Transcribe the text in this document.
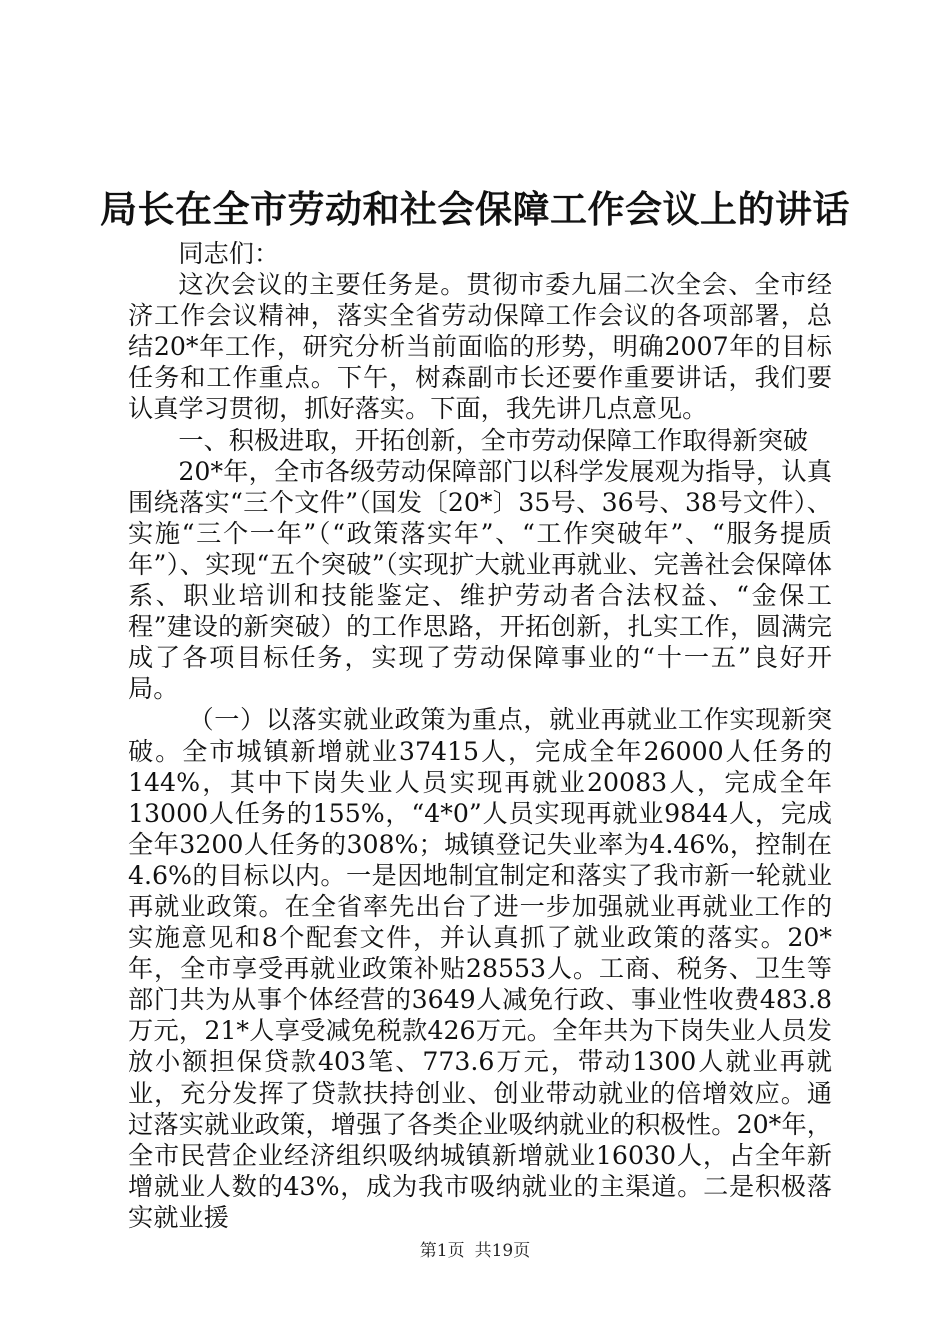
局长在全市劳动和社会保障工作会议上的讲话

同志们：

这次会议的主要任务是。贯彻市委九届二次全会、全市经济工作会议精神，落实全省劳动保障工作会议的各项部署，总结20*年工作，研究分析当前面临的形势，明确2007年的目标任务和工作重点。下午，树森副市长还要作重要讲话，我们要认真学习贯彻，抓好落实。下面，我先讲几点意见。

一、积极进取，开拓创新，全市劳动保障工作取得新突破

20*年，全市各级劳动保障部门以科学发展观为指导，认真围绕落实“三个文件”（国发〔20*〕35号、36号、38号文件）、实施“三个一年”（“政策落实年”、“工作突破年”、“服务提质年”）、实现“五个突破”（实现扩大就业再就业、完善社会保障体系、职业培训和技能鉴定、维护劳动者合法权益、“金保工程”建设的新突破）的工作思路，开拓创新，扎实工作，圆满完成了各项目标任务，实现了劳动保障事业的“十一五”良好开局。

（一）以落实就业政策为重点，就业再就业工作实现新突破。全市城镇新增就业37415人，完成全年26000人任务的144%，其中下岗失业人员实现再就业20083人，完成全年13000人任务的155%，“4*0”人员实现再就业9844人，完成全年3200人任务的308%；城镇登记失业率为4.46%，控制在4.6%的目标以内。一是因地制宜制定和落实了我市新一轮就业再就业政策。在全省率先出台了进一步加强就业再就业工作的实施意见和8个配套文件，并认真抓了就业政策的落实。20*年，全市享受再就业政策补贴28553人。工商、税务、卫生等部门共为从事个体经营的3649人减免行政、事业性收费483.8万元，21*人享受减免税款426万元。全年共为下岗失业人员发放小额担保贷款403笔、773.6万元，带动1300人就业再就业，充分发挥了贷款扶持创业、创业带动就业的倍增效应。通过落实就业政策，增强了各类企业吸纳就业的积极性。20*年，全市民营企业经济组织吸纳城镇新增就业16030人，占全年新增就业人数的43%，成为我市吸纳就业的主渠道。二是积极落实就业援

第1页 共19页
